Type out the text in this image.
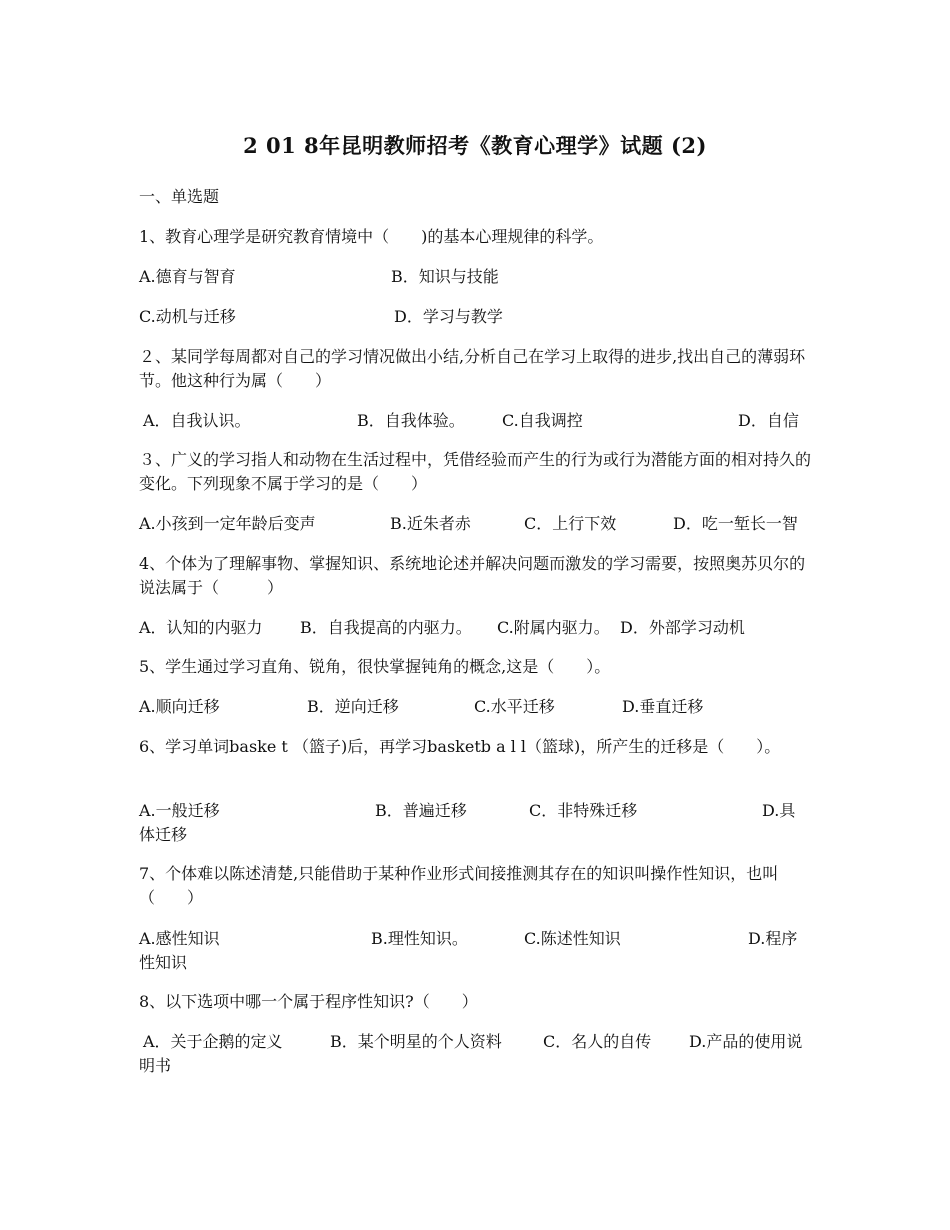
2 01 8年昆明教师招考《教育心理学》试题 (2)
一、单选题
1、教育心理学是研究教育情境中（　　)的基本心理规律的科学。
A.德育与智育	B．知识与技能
C.动机与迁移	D．学习与教学
２、某同学每周都对自己的学习情况做出小结,分析自己在学习上取得的进步,找出自己的薄弱环节。他这种行为属（　　）
A．自我认识。	B．自我体验。 C.自我调控	D．自信
３、广义的学习指人和动物在生活过程中，凭借经验而产生的行为或行为潜能方面的相对持久的变化。下列现象不属于学习的是（　　）
A.小孩到一定年龄后变声	B.近朱者赤	C．上行下效	D．吃一堑长一智
4、个体为了理解事物、掌握知识、系统地论述并解决问题而激发的学习需要，按照奥苏贝尔的说法属于（　　　）
A．认知的内驱力 B．自我提高的内驱力。 C.附属内驱力。 D．外部学习动机
5、学生通过学习直角、锐角，很快掌握钝角的概念,这是（　　）。
A.顺向迁移	B．逆向迁移	C.水平迁移	D.垂直迁移
6、学习单词baske t （篮子)后，再学习basketb a l l（篮球)，所产生的迁移是（　　）。
A.一般迁移	B．普遍迁移	C．非特殊迁移	D.具体迁移
7、个体难以陈述清楚,只能借助于某种作业形式间接推测其存在的知识叫操作性知识，也叫（　　）
A.感性知识	B.理性知识。	C.陈述性知识	D.程序性知识
8、以下选项中哪一个属于程序性知识?（　　）
A．关于企鹅的定义	B．某个明星的个人资料	C．名人的自传	D.产品的使用说明书
